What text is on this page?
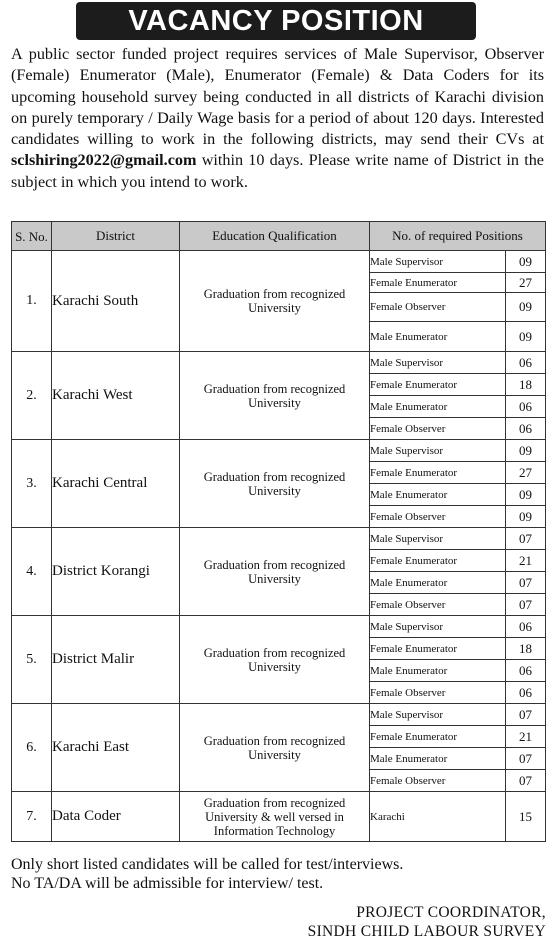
VACANCY POSITION

A public sector funded project requires services of Male Supervisor, Observer (Female) Enumerator (Male), Enumerator (Female) & Data Coders for its upcoming household survey being conducted in all districts of Karachi division on purely temporary / Daily Wage basis for a period of about 120 days. Interested candidates willing to work in the following districts, may send their CVs at sclshiring2022@gmail.com within 10 days. Please write name of District in the subject in which you intend to work.

S. No.	District	Education Qualification	No. of required Positions	
1.	Karachi South	Graduation from recognized University	Male Supervisor	09
			Female Enumerator	27
			Female Observer	09
			Male Enumerator	09
2.	Karachi West	Graduation from recognized University	Male Supervisor	06
			Female Enumerator	18
			Male Enumerator	06
			Female Observer	06
3.	Karachi Central	Graduation from recognized University	Male Supervisor	09
			Female Enumerator	27
			Male Enumerator	09
			Female Observer	09
4.	District Korangi	Graduation from recognized University	Male Supervisor	07
			Female Enumerator	21
			Male Enumerator	07
			Female Observer	07
5.	District Malir	Graduation from recognized University	Male Supervisor	06
			Female Enumerator	18
			Male Enumerator	06
			Female Observer	06
6.	Karachi East	Graduation from recognized University	Male Supervisor	07
			Female Enumerator	21
			Male Enumerator	07
			Female Observer	07
7.	Data Coder	Graduation from recognized University & well versed in Information Technology	Karachi	15
Only short listed candidates will be called for test/interviews.
No TA/DA will be admissible for interview/ test.
PROJECT COORDINATOR,
SINDH CHILD LABOUR SURVEY
